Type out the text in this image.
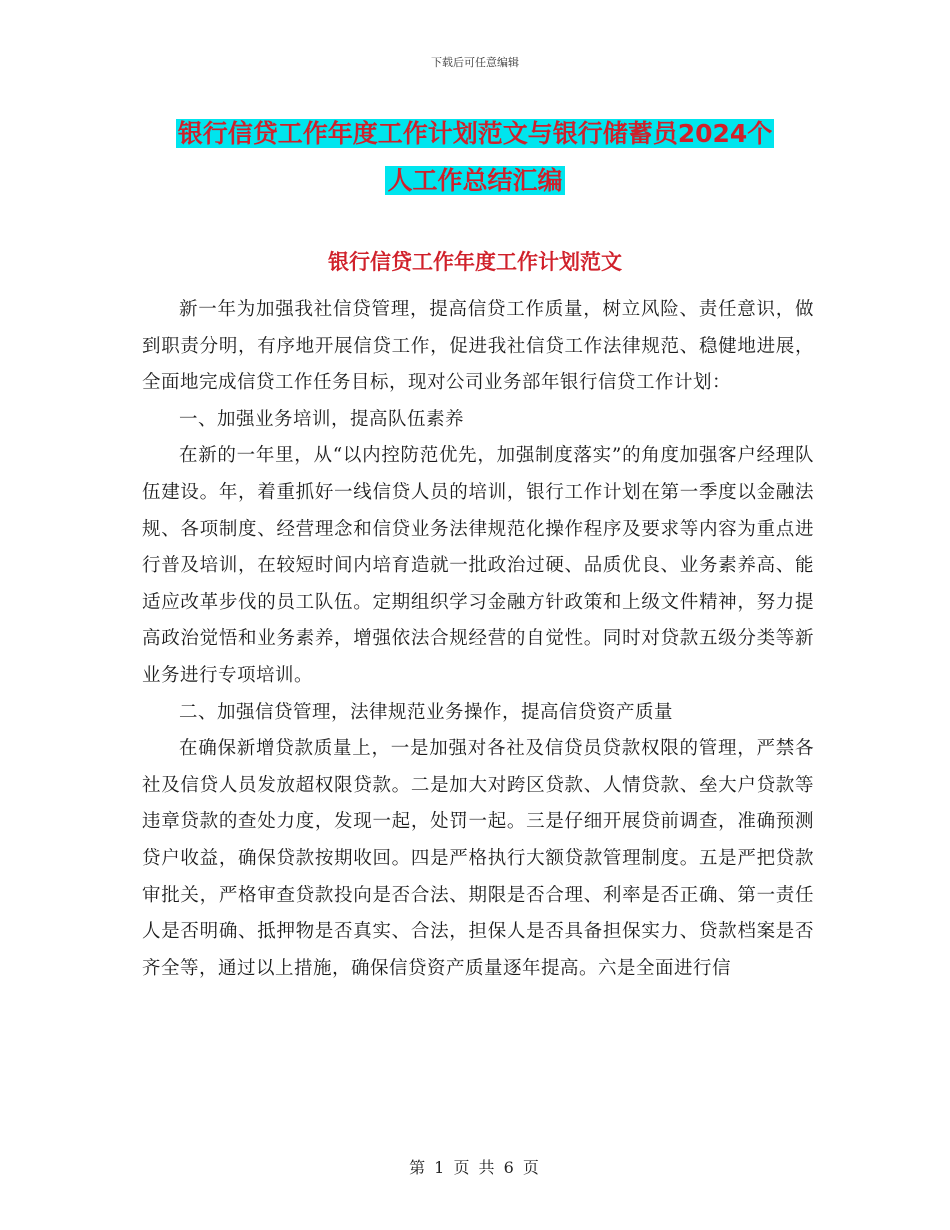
下载后可任意编辑
银行信贷工作年度工作计划范文与银行储蓄员2024个
人工作总结汇编
银行信贷工作年度工作计划范文

新一年为加强我社信贷管理，提高信贷工作质量，树立风险、责任意识，做到职责分明，有序地开展信贷工作，促进我社信贷工作法律规范、稳健地进展，全面地完成信贷工作任务目标，现对公司业务部年银行信贷工作计划：

一、加强业务培训，提高队伍素养

在新的一年里，从“以内控防范优先，加强制度落实”的角度加强客户经理队伍建设。年，着重抓好一线信贷人员的培训，银行工作计划在第一季度以金融法规、各项制度、经营理念和信贷业务法律规范化操作程序及要求等内容为重点进行普及培训，在较短时间内培育造就一批政治过硬、品质优良、业务素养高、能适应改革步伐的员工队伍。定期组织学习金融方针政策和上级文件精神，努力提高政治觉悟和业务素养，增强依法合规经营的自觉性。同时对贷款五级分类等新业务进行专项培训。

二、加强信贷管理，法律规范业务操作，提高信贷资产质量

在确保新增贷款质量上，一是加强对各社及信贷员贷款权限的管理，严禁各社及信贷人员发放超权限贷款。二是加大对跨区贷款、人情贷款、垒大户贷款等违章贷款的查处力度，发现一起，处罚一起。三是仔细开展贷前调查，准确预测贷户收益，确保贷款按期收回。四是严格执行大额贷款管理制度。五是严把贷款审批关，严格审查贷款投向是否合法、期限是否合理、利率是否正确、第一责任人是否明确、抵押物是否真实、合法，担保人是否具备担保实力、贷款档案是否齐全等，通过以上措施，确保信贷资产质量逐年提高。六是全面进行信

第 1 页 共 6 页
